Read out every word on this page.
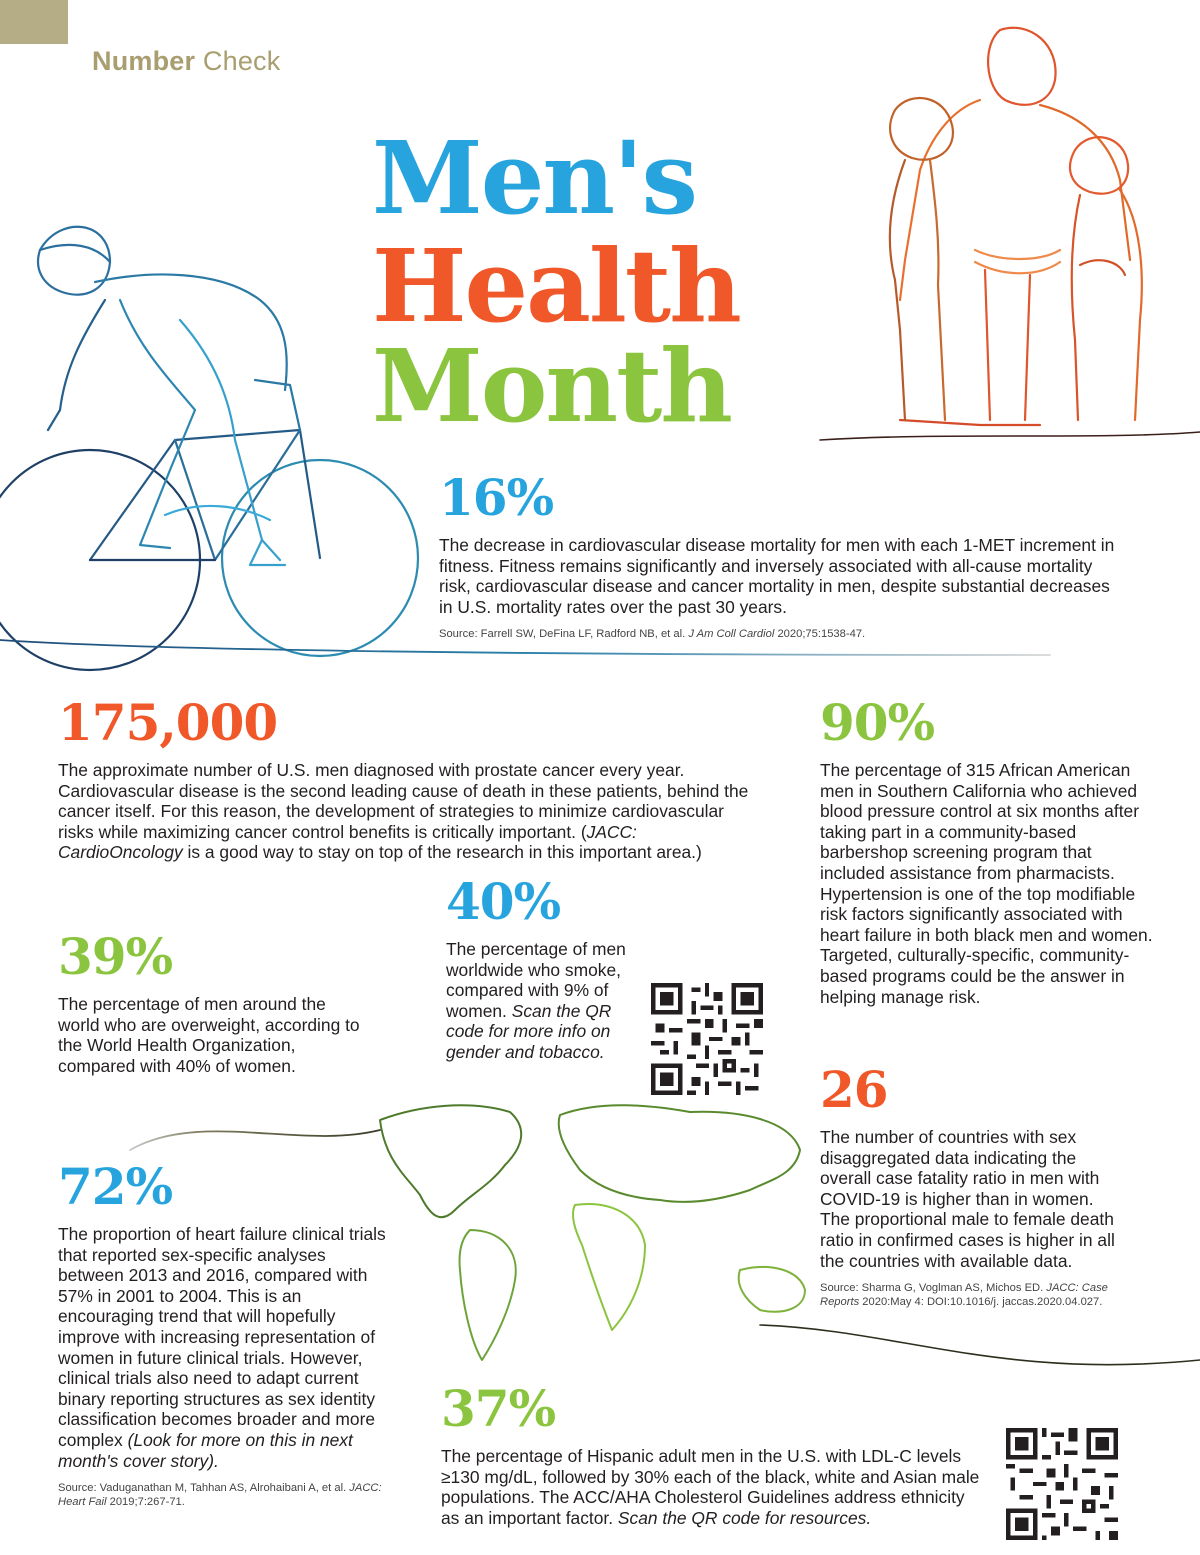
Number Check
Men's
Health
Month
16%
The decrease in cardiovascular disease mortality for men with each 1-MET increment in fitness. Fitness remains significantly and inversely associated with all-cause mortality risk, cardiovascular disease and cancer mortality in men, despite substantial decreases in U.S. mortality rates over the past 30 years.
Source: Farrell SW, DeFina LF, Radford NB, et al. J Am Coll Cardiol 2020;75:1538-47.
175,000
The approximate number of U.S. men diagnosed with prostate cancer every year. Cardiovascular disease is the second leading cause of death in these patients, behind the cancer itself. For this reason, the development of strategies to minimize cardiovascular risks while maximizing cancer control benefits is critically important. (JACC: CardioOncology is a good way to stay on top of the research in this important area.)
90%
The percentage of 315 African American men in Southern California who achieved blood pressure control at six months after taking part in a community-based barbershop screening program that included assistance from pharmacists. Hypertension is one of the top modifiable risk factors significantly associated with heart failure in both black men and women. Targeted, culturally-specific, community-based programs could be the answer in helping manage risk.
40%
The percentage of men worldwide who smoke, compared with 9% of women. Scan the QR code for more info on gender and tobacco.
39%
The percentage of men around the world who are overweight, according to the World Health Organization, compared with 40% of women.	26
The number of countries with sex disaggregated data indicating the overall case fatality ratio in men with COVID-19 is higher than in women. The proportional male to female death ratio in confirmed cases is higher in all the countries with available data.
Source: Sharma G, Voglman AS, Michos ED. JACC: Case Reports 2020:May 4: DOI:10.1016/j. jaccas.2020.04.027.
72%
The proportion of heart failure clinical trials that reported sex-specific analyses between 2013 and 2016, compared with 57% in 2001 to 2004. This is an encouraging trend that will hopefully improve with increasing representation of women in future clinical trials. However, clinical trials also need to adapt current binary reporting structures as sex identity classification becomes broader and more complex (Look for more on this in next month's cover story).
Source: Vaduganathan M, Tahhan AS, Alrohaibani A, et al. JACC: Heart Fail 2019;7:267-71.
37%
The percentage of Hispanic adult men in the U.S. with LDL-C levels ≥130 mg/dL, followed by 30% each of the black, white and Asian male populations. The ACC/AHA Cholesterol Guidelines address ethnicity as an important factor. Scan the QR code for resources.
